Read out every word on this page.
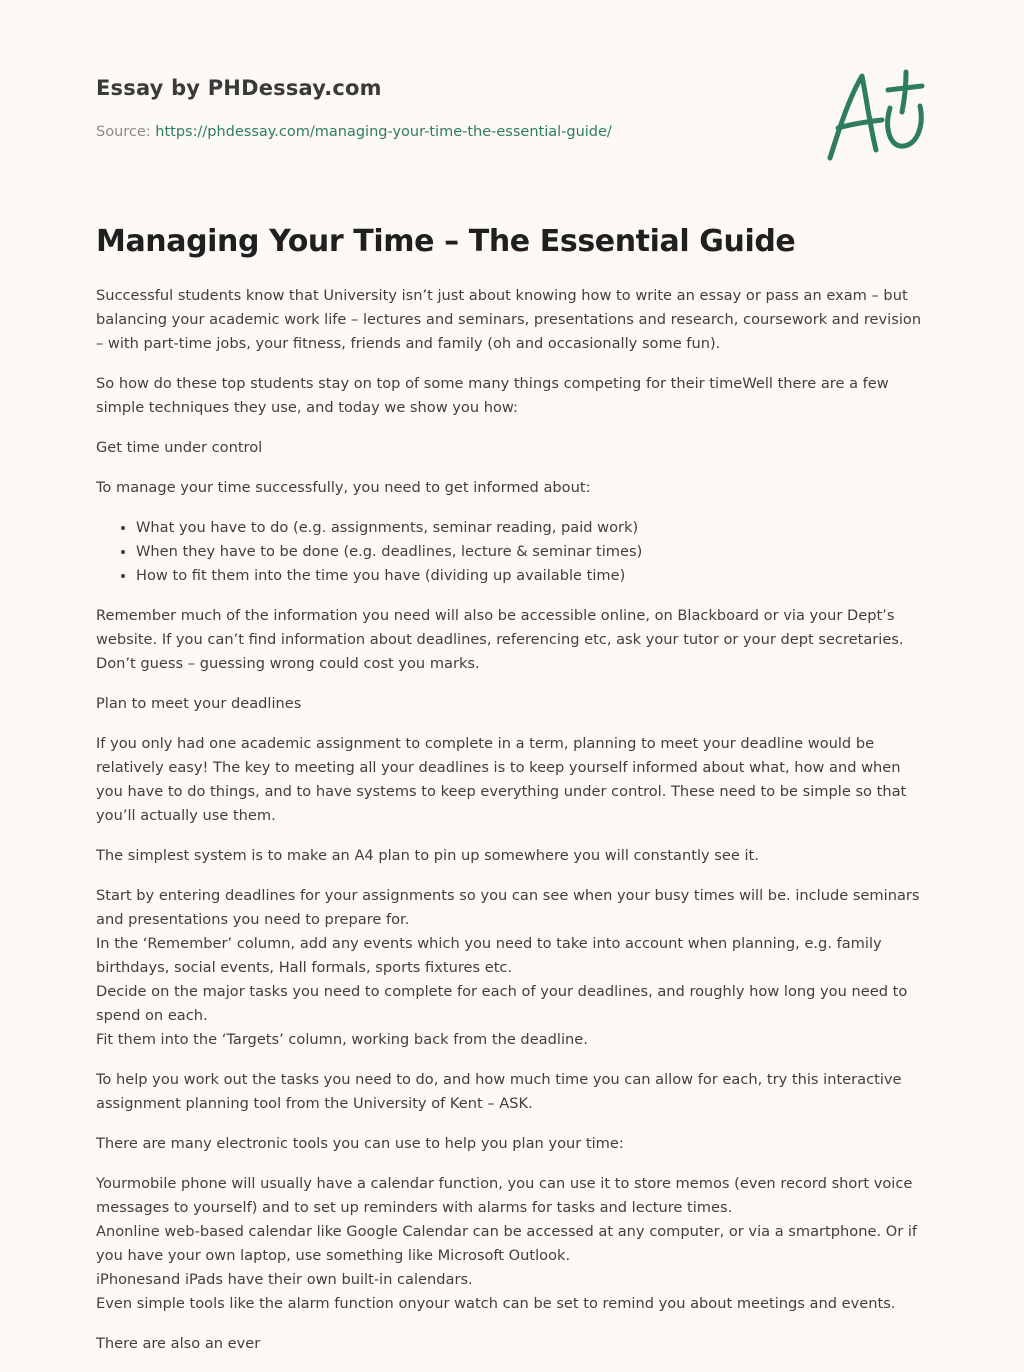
Essay by PHDessay.com
Source: https://phdessay.com/managing-your-time-the-essential-guide/
Managing Your Time – The Essential Guide

Successful students know that University isn’t just about knowing how to write an essay or pass an exam – but balancing your academic work life – lectures and seminars, presentations and research, coursework and revision – with part-time jobs, your fitness, friends and family (oh and occasionally some fun).

So how do these top students stay on top of some many things competing for their timeWell there are a few simple techniques they use, and today we show you how:

Get time under control

To manage your time successfully, you need to get informed about:

• What you have to do (e.g. assignments, seminar reading, paid work)
• When they have to be done (e.g. deadlines, lecture & seminar times)
• How to fit them into the time you have (dividing up available time)

Remember much of the information you need will also be accessible online, on Blackboard or via your Dept’s website. If you can’t find information about deadlines, referencing etc, ask your tutor or your dept secretaries. Don’t guess – guessing wrong could cost you marks.

Plan to meet your deadlines

If you only had one academic assignment to complete in a term, planning to meet your deadline would be relatively easy! The key to meeting all your deadlines is to keep yourself informed about what, how and when you have to do things, and to have systems to keep everything under control. These need to be simple so that you’ll actually use them.

The simplest system is to make an A4 plan to pin up somewhere you will constantly see it.

Start by entering deadlines for your assignments so you can see when your busy times will be. include seminars and presentations you need to prepare for.
In the ‘Remember’ column, add any events which you need to take into account when planning, e.g. family birthdays, social events, Hall formals, sports fixtures etc.
Decide on the major tasks you need to complete for each of your deadlines, and roughly how long you need to spend on each.
Fit them into the ‘Targets’ column, working back from the deadline.

To help you work out the tasks you need to do, and how much time you can allow for each, try this interactive assignment planning tool from the University of Kent – ASK.

There are many electronic tools you can use to help you plan your time:

Yourmobile phone will usually have a calendar function, you can use it to store memos (even record short voice messages to yourself) and to set up reminders with alarms for tasks and lecture times.
Anonline web-based calendar like Google Calendar can be accessed at any computer, or via a smartphone. Or if you have your own laptop, use something like Microsoft Outlook.
iPhonesand iPads have their own built-in calendars.
Even simple tools like the alarm function onyour watch can be set to remind you about meetings and events.

There are also an ever
